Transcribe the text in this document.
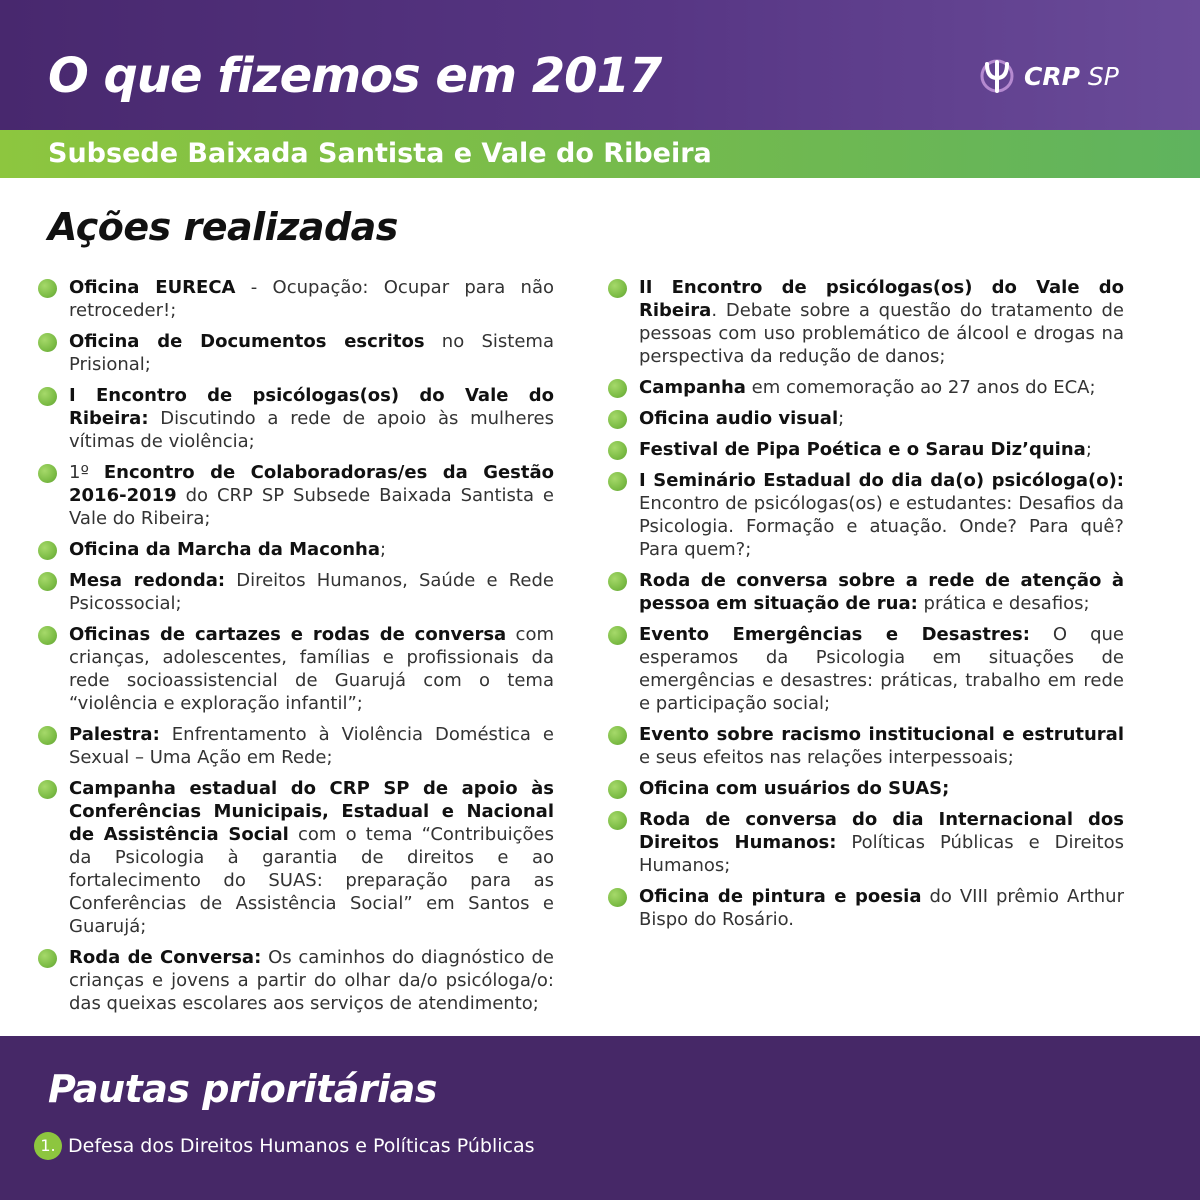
O que fizemos em 2017	CRP SP
Subsede Baixada Santista e Vale do Ribeira
Ações realizadas
Oficina EURECA - Ocupação: Ocupar para não retroceder!;
Oficina de Documentos escritos no Sistema Prisional;
I Encontro de psicólogas(os) do Vale do Ribeira: Discutindo a rede de apoio às mulheres vítimas de violência;
1º Encontro de Colaboradoras/es da Gestão 2016-2019 do CRP SP Subsede Baixada Santista e Vale do Ribeira;
Oficina da Marcha da Maconha;
Mesa redonda: Direitos Humanos, Saúde e Rede Psicossocial;
Oficinas de cartazes e rodas de conversa com crianças, adolescentes, famílias e profissionais da rede socioassistencial de Guarujá com o tema “violência e exploração infantil”;
Palestra: Enfrentamento à Violência Doméstica e Sexual – Uma Ação em Rede;
Campanha estadual do CRP SP de apoio às Conferências Municipais, Estadual e Nacional de Assistência Social com o tema “Contribuições da Psicologia à garantia de direitos e ao fortalecimento do SUAS: preparação para as Conferências de Assistência Social” em Santos e Guarujá;
Roda de Conversa: Os caminhos do diagnóstico de crianças e jovens a partir do olhar da/o psicóloga/o: das queixas escolares aos serviços de atendimento;
II Encontro de psicólogas(os) do Vale do Ribeira. Debate sobre a questão do tratamento de pessoas com uso problemático de álcool e drogas na perspectiva da redução de danos;
Campanha em comemoração ao 27 anos do ECA;
Oficina audio visual;
Festival de Pipa Poética e o Sarau Diz’quina;
I Seminário Estadual do dia da(o) psicóloga(o): Encontro de psicólogas(os) e estudantes: Desafios da Psicologia. Formação e atuação. Onde? Para quê? Para quem?;
Roda de conversa sobre a rede de atenção à pessoa em situação de rua: prática e desafios;
Evento Emergências e Desastres: O que esperamos da Psicologia em situações de emergências e desastres: práticas, trabalho em rede e participação social;
Evento sobre racismo institucional e estrutural e seus efeitos nas relações interpessoais;
Oficina com usuários do SUAS;
Roda de conversa do dia Internacional dos Direitos Humanos: Políticas Públicas e Direitos Humanos;
Oficina de pintura e poesia do VIII prêmio Arthur Bispo do Rosário.
Pautas prioritárias
1. Defesa dos Direitos Humanos e Políticas Públicas
